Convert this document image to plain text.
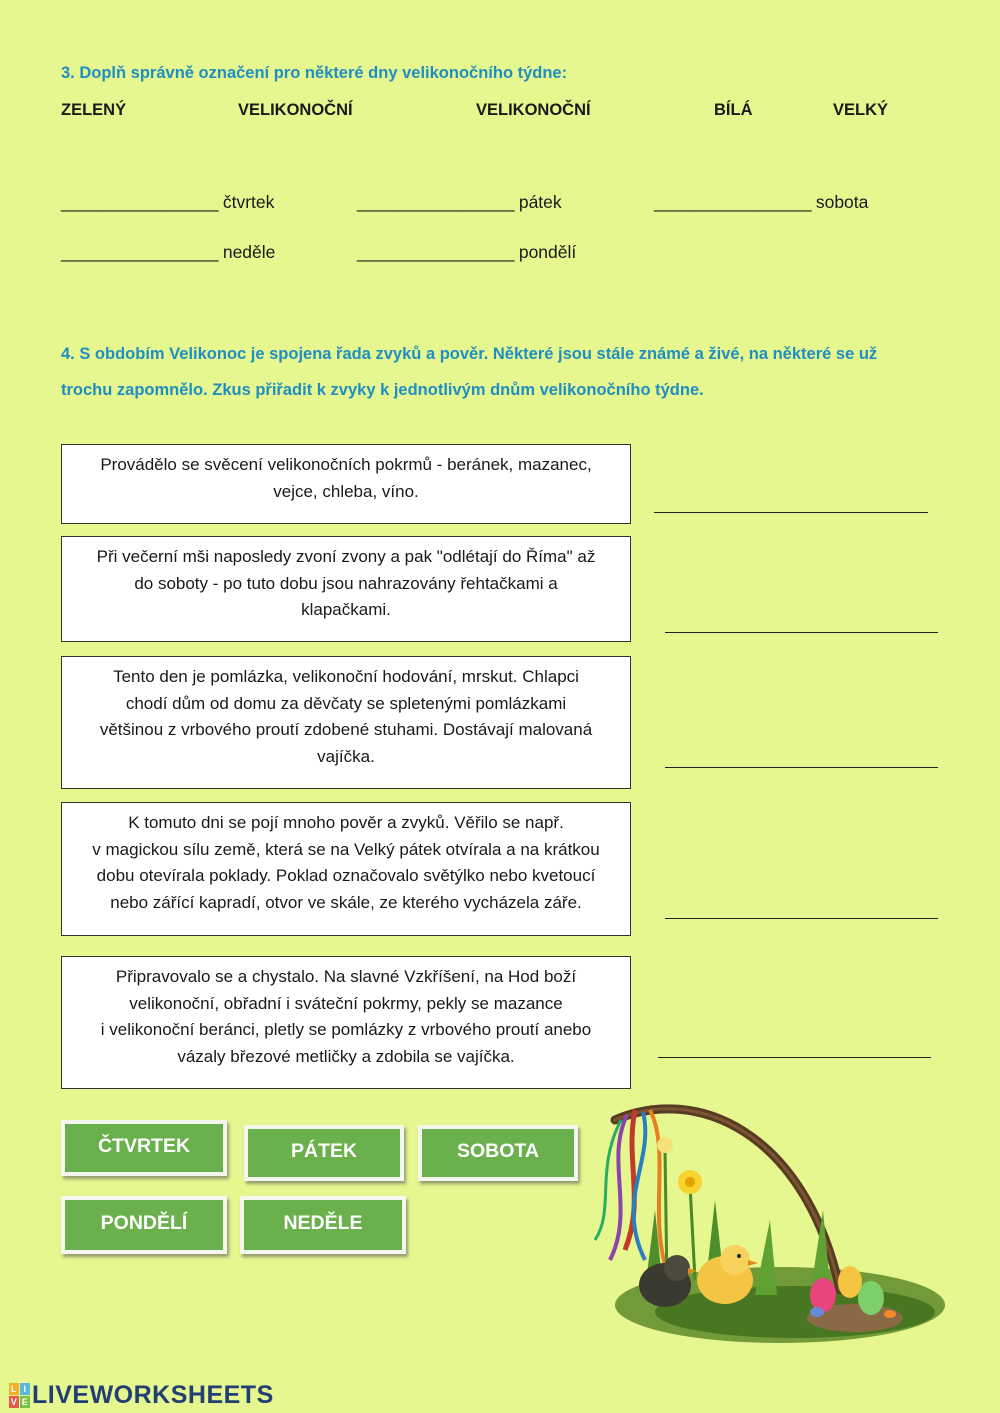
3. Doplň správně označení pro některé dny velikonočního týdne:
ZELENÝ	VELIKONOČNÍ	VELIKONOČNÍ	BÍLÁ	VELKÝ
_________________ čtvrtek	_________________ pátek	_________________ sobota
_________________ neděle	_________________ pondělí
4. S obdobím Velikonoc je spojena řada zvyků a pověr. Některé jsou stále známé a živé, na některé se už
trochu zapomnělo. Zkus přiřadit k zvyky k jednotlivým dnům velikonočního týdne.
Provádělo se svěcení velikonočních pokrmů - beránek, mazanec,
vejce, chleba, víno.
Při večerní mši naposledy zvoní zvony a pak "odlétají do Říma" až
do soboty - po tuto dobu jsou nahrazovány řehtačkami a
klapačkami.
Tento den je pomlázka, velikonoční hodování, mrskut. Chlapci
chodí dům od domu za děvčaty se spletenými pomlázkami
většinou z vrbového proutí zdobené stuhami. Dostávají malovaná
vajíčka.
K tomuto dni se pojí mnoho pověr a zvyků. Věřilo se např.
v magickou sílu země, která se na Velký pátek otvírala a na krátkou
dobu otevírala poklady. Poklad označovalo světýlko nebo kvetoucí
nebo zářící kapradí, otvor ve skále, ze kterého vycházela záře.
Připravovalo se a chystalo. Na slavné Vzkříšení, na Hod boží
velikonoční, obřadní i sváteční pokrmy, pekly se mazance
i velikonoční beránci, pletly se pomlázky z vrbového proutí anebo
vázaly březové metličky a zdobila se vajíčka.
ČTVRTEK	PÁTEK	SOBOTA
PONDĚLÍ	NEDĚLE
L I
V E LIVEWORKSHEETS
